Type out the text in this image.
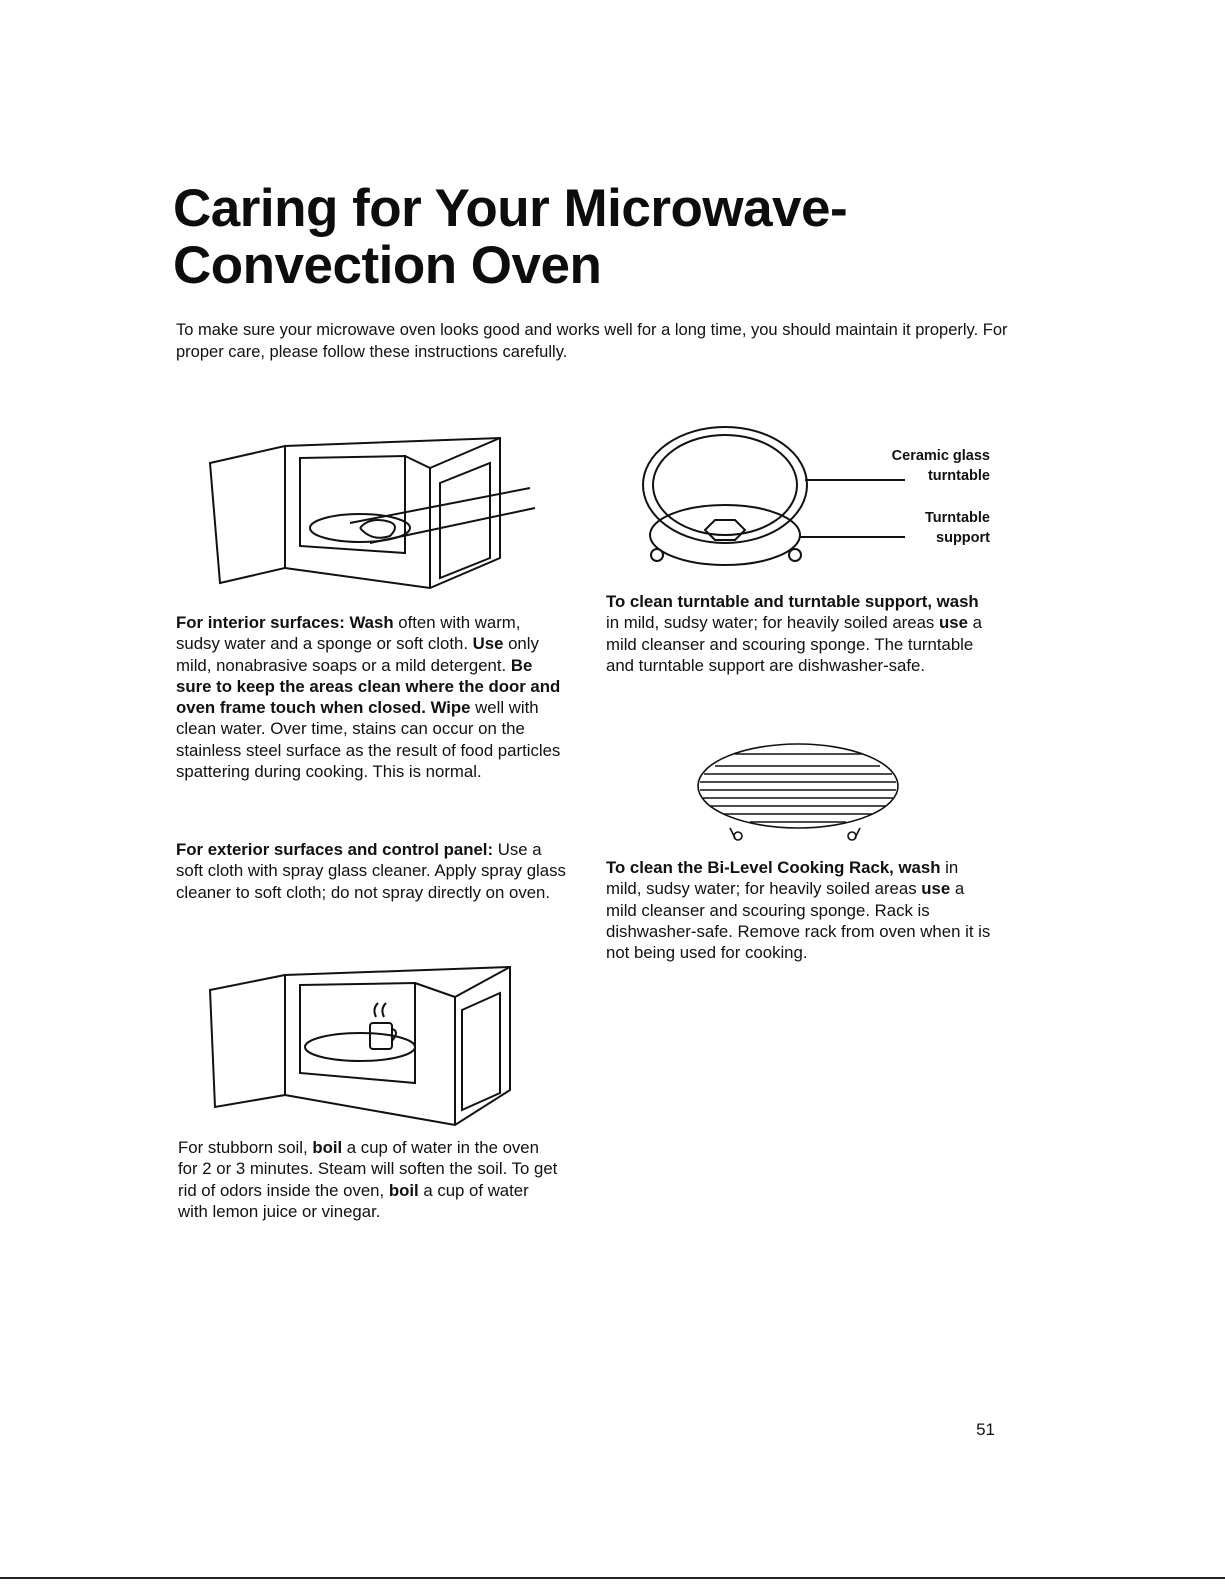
Caring for Your Microwave-
Convection Oven

To make sure your microwave oven looks good and works well for a long time, you should maintain it properly. For proper care, please follow these instructions carefully.

For interior surfaces: Wash often with warm, sudsy water and a sponge or soft cloth. Use only mild, nonabrasive soaps or a mild detergent. Be sure to keep the areas clean where the door and oven frame touch when closed. Wipe well with clean water. Over time, stains can occur on the stainless steel surface as the result of food particles spattering during cooking. This is normal.
For exterior surfaces and control panel: Use a soft cloth with spray glass cleaner. Apply spray glass cleaner to soft cloth; do not spray directly on oven.
For stubborn soil, boil a cup of water in the oven for 2 or 3 minutes. Steam will soften the soil. To get rid of odors inside the oven, boil a cup of water with lemon juice or vinegar.
Ceramic glass
turntable
Turntable
support
To clean turntable and turntable support, wash in mild, sudsy water; for heavily soiled areas use a mild cleanser and scouring sponge. The turntable and turntable support are dishwasher-safe.
To clean the Bi-Level Cooking Rack, wash in mild, sudsy water; for heavily soiled areas use a mild cleanser and scouring sponge. Rack is dishwasher-safe. Remove rack from oven when it is not being used for cooking.
51
